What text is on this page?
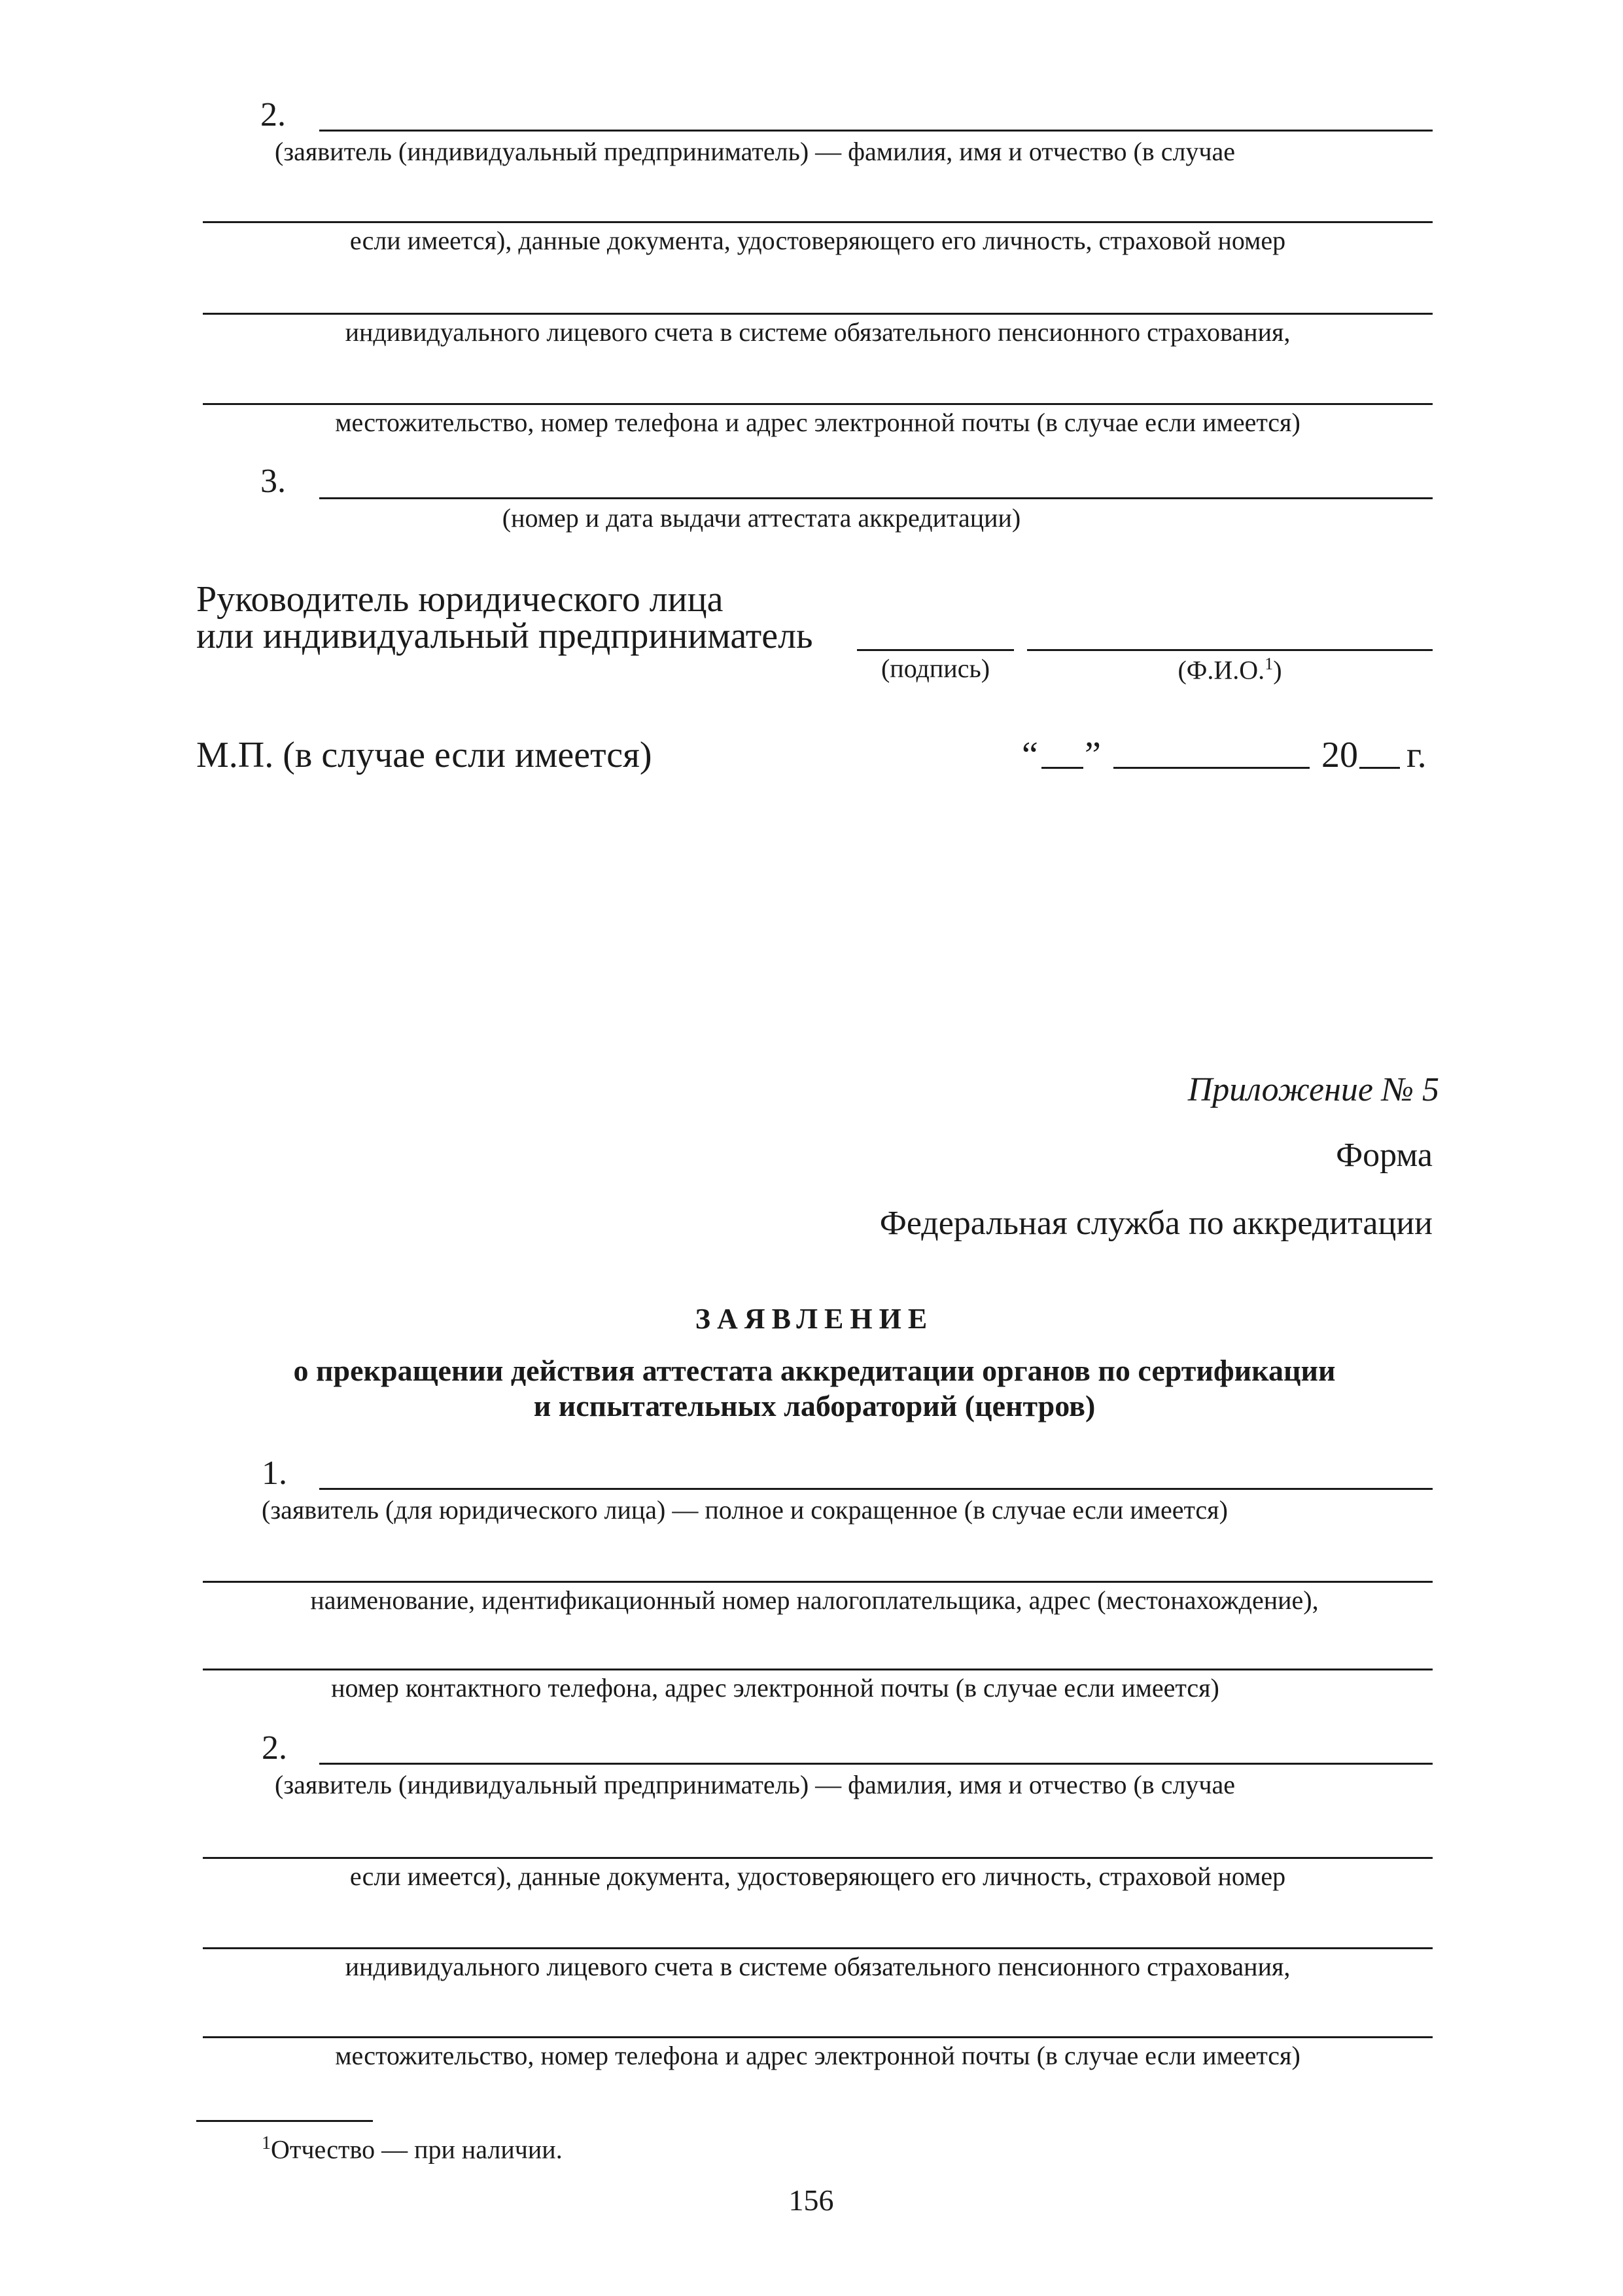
2.
(заявитель (индивидуальный предприниматель) — фамилия, имя и отчество (в случае
если имеется), данные документа, удостоверяющего его личность, страховой номер
индивидуального лицевого счета в системе обязательного пенсионного страхования,
местожительство, номер телефона и адрес электронной почты (в случае если имеется)
3.
(номер и дата выдачи аттестата аккредитации)
Руководитель юридического лица
или индивидуальный предприниматель
(подпись)	(Ф.И.О.$^1$)
М.П. (в случае если имеется)	“ ”	20 г.
Приложение № 5
Форма
Федеральная служба по аккредитации
ЗАЯВЛЕНИЕ
о прекращении действия аттестата аккредитации органов по сертификации
и испытательных лабораторий (центров)
1.
(заявитель (для юридического лица) — полное и сокращенное (в случае если имеется)
наименование, идентификационный номер налогоплательщика, адрес (местонахождение),
номер контактного телефона, адрес электронной почты (в случае если имеется)
2.
(заявитель (индивидуальный предприниматель) — фамилия, имя и отчество (в случае
если имеется), данные документа, удостоверяющего его личность, страховой номер
индивидуального лицевого счета в системе обязательного пенсионного страхования,
местожительство, номер телефона и адрес электронной почты (в случае если имеется)
$^1$Отчество — при наличии.
156
